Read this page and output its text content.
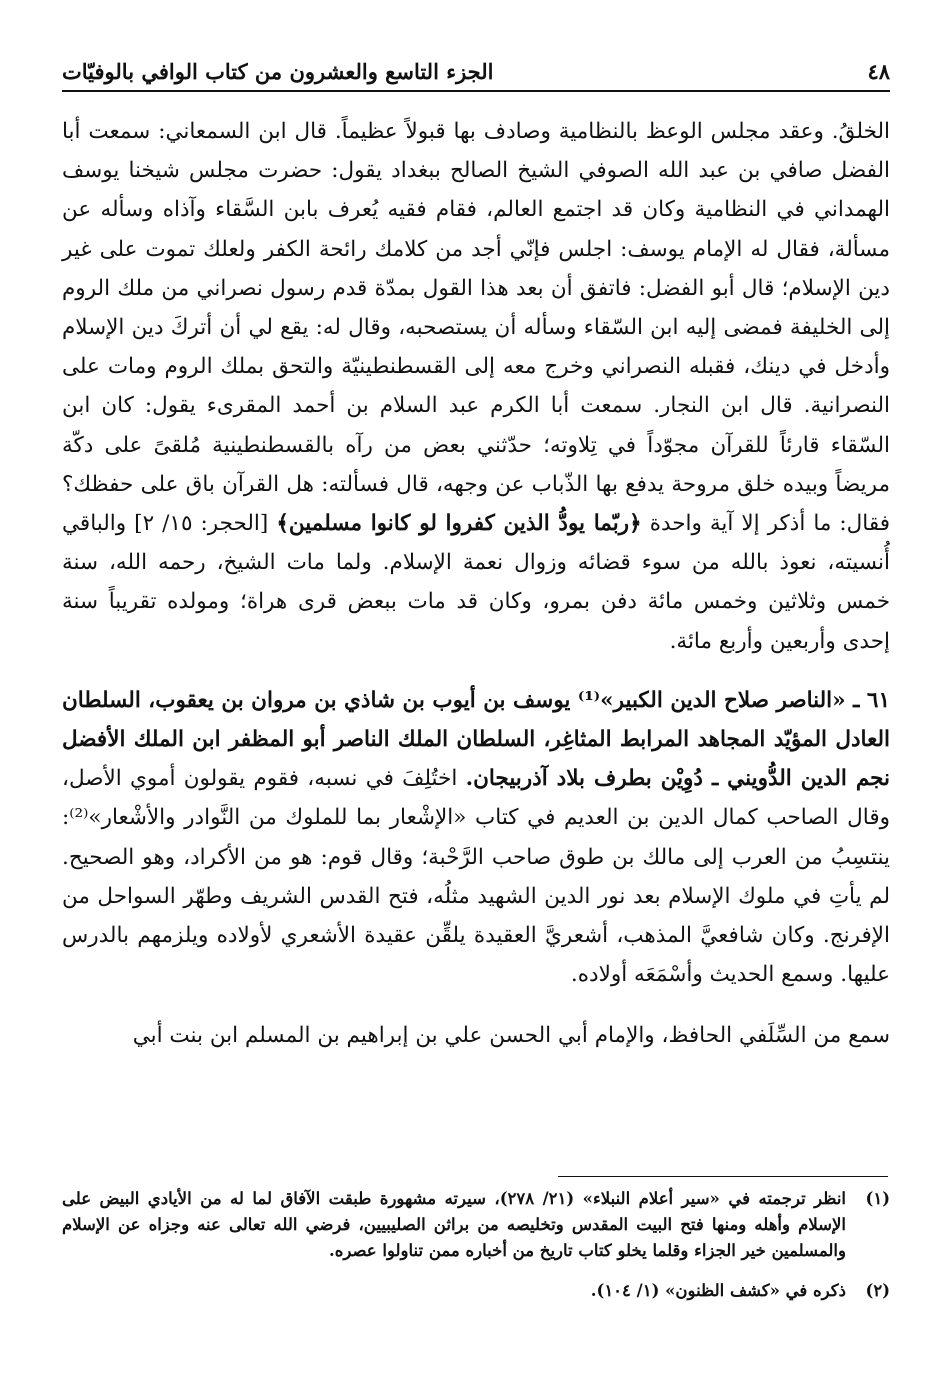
٤٨
الجزء التاسع والعشرون من كتاب الوافي بالوفيّات

الخلقُ. وعقد مجلس الوعظ بالنظامية وصادف بها قبولاً عظيماً. قال ابن السمعاني: سمعت أبا الفضل صافي بن عبد الله الصوفي الشيخ الصالح ببغداد يقول: حضرت مجلس شيخنا يوسف الهمداني في النظامية وكان قد اجتمع العالم، فقام فقيه يُعرف بابن السَّقاء وآذاه وسأله عن مسألة، فقال له الإمام يوسف: اجلس فإنّي أجد من كلامك رائحة الكفر ولعلك تموت على غير دين الإسلام؛ قال أبو الفضل: فاتفق أن بعد هذا القول بمدّة قدم رسول نصراني من ملك الروم إلى الخليفة فمضى إليه ابن السّقاء وسأله أن يستصحبه، وقال له: يقع لي أن أتركَ دين الإسلام وأدخل في دينك، فقبله النصراني وخرج معه إلى القسطنطينيّة والتحق بملك الروم ومات على النصرانية. قال ابن النجار. سمعت أبا الكرم عبد السلام بن أحمد المقرىء يقول: كان ابن السّقاء قارئاً للقرآن مجوّداً في تِلاوته؛ حدّثني بعض من رآه بالقسطنطينية مُلقىً على دكّة مريضاً وبيده خلق مروحة يدفع بها الذّباب عن وجهه، قال فسألته: هل القرآن باق على حفظك؟ فقال: ما أذكر إلا آية واحدة ﴿ربّما يودُّ الذين كفروا لو كانوا مسلمين﴾ [الحجر: ١٥/ ٢] والباقي أُنسيته، نعوذ بالله من سوء قضائه وزوال نعمة الإسلام. ولما مات الشيخ، رحمه الله، سنة خمس وثلاثين وخمس مائة دفن بمرو، وكان قد مات ببعض قرى هراة؛ ومولده تقريباً سنة إحدى وأربعين وأربع مائة.

٦١ ـ «الناصر صلاح الدين الكبير»⁽¹⁾ يوسف بن أيوب بن شاذي بن مروان بن يعقوب، السلطان العادل المؤيّد المجاهد المرابط المثاغِر، السلطان الملك الناصر أبو المظفر ابن الملك الأفضل نجم الدين الدُّويني ـ دُوِيْن بطرف بلاد آذربيجان. اختُلِفَ في نسبه، فقوم يقولون أموي الأصل، وقال الصاحب كمال الدين بن العديم في كتاب «الإشْعار بما للملوك من النَّوادر والأشْعار»⁽²⁾: ينتسِبُ من العرب إلى مالك بن طوق صاحب الرَّحْبة؛ وقال قوم: هو من الأكراد، وهو الصحيح. لم يأتِ في ملوك الإسلام بعد نور الدين الشهيد مثلُه، فتح القدس الشريف وطهّر السواحل من الإفرنج. وكان شافعيَّ المذهب، أشعريَّ العقيدة يلقِّن عقيدة الأشعري لأولاده ويلزمهم بالدرس عليها. وسمع الحديث وأسْمَعَه أولاده.

سمع من السِّلَفي الحافظ، والإمام أبي الحسن علي بن إبراهيم بن المسلم ابن بنت أبي

(١)
انظر ترجمته في «سير أعلام النبلاء» (٢١/ ٢٧٨)، سيرته مشهورة طبقت الآفاق لما له من الأيادي البيض على الإسلام وأهله ومنها فتح البيت المقدس وتخليصه من براثن الصليبيين، فرضي الله تعالى عنه وجزاه عن الإسلام والمسلمين خير الجزاء وقلما يخلو كتاب تاريخ من أخباره ممن تناولوا عصره.
(٢)
ذكره في «كشف الظنون» (١/ ١٠٤).
